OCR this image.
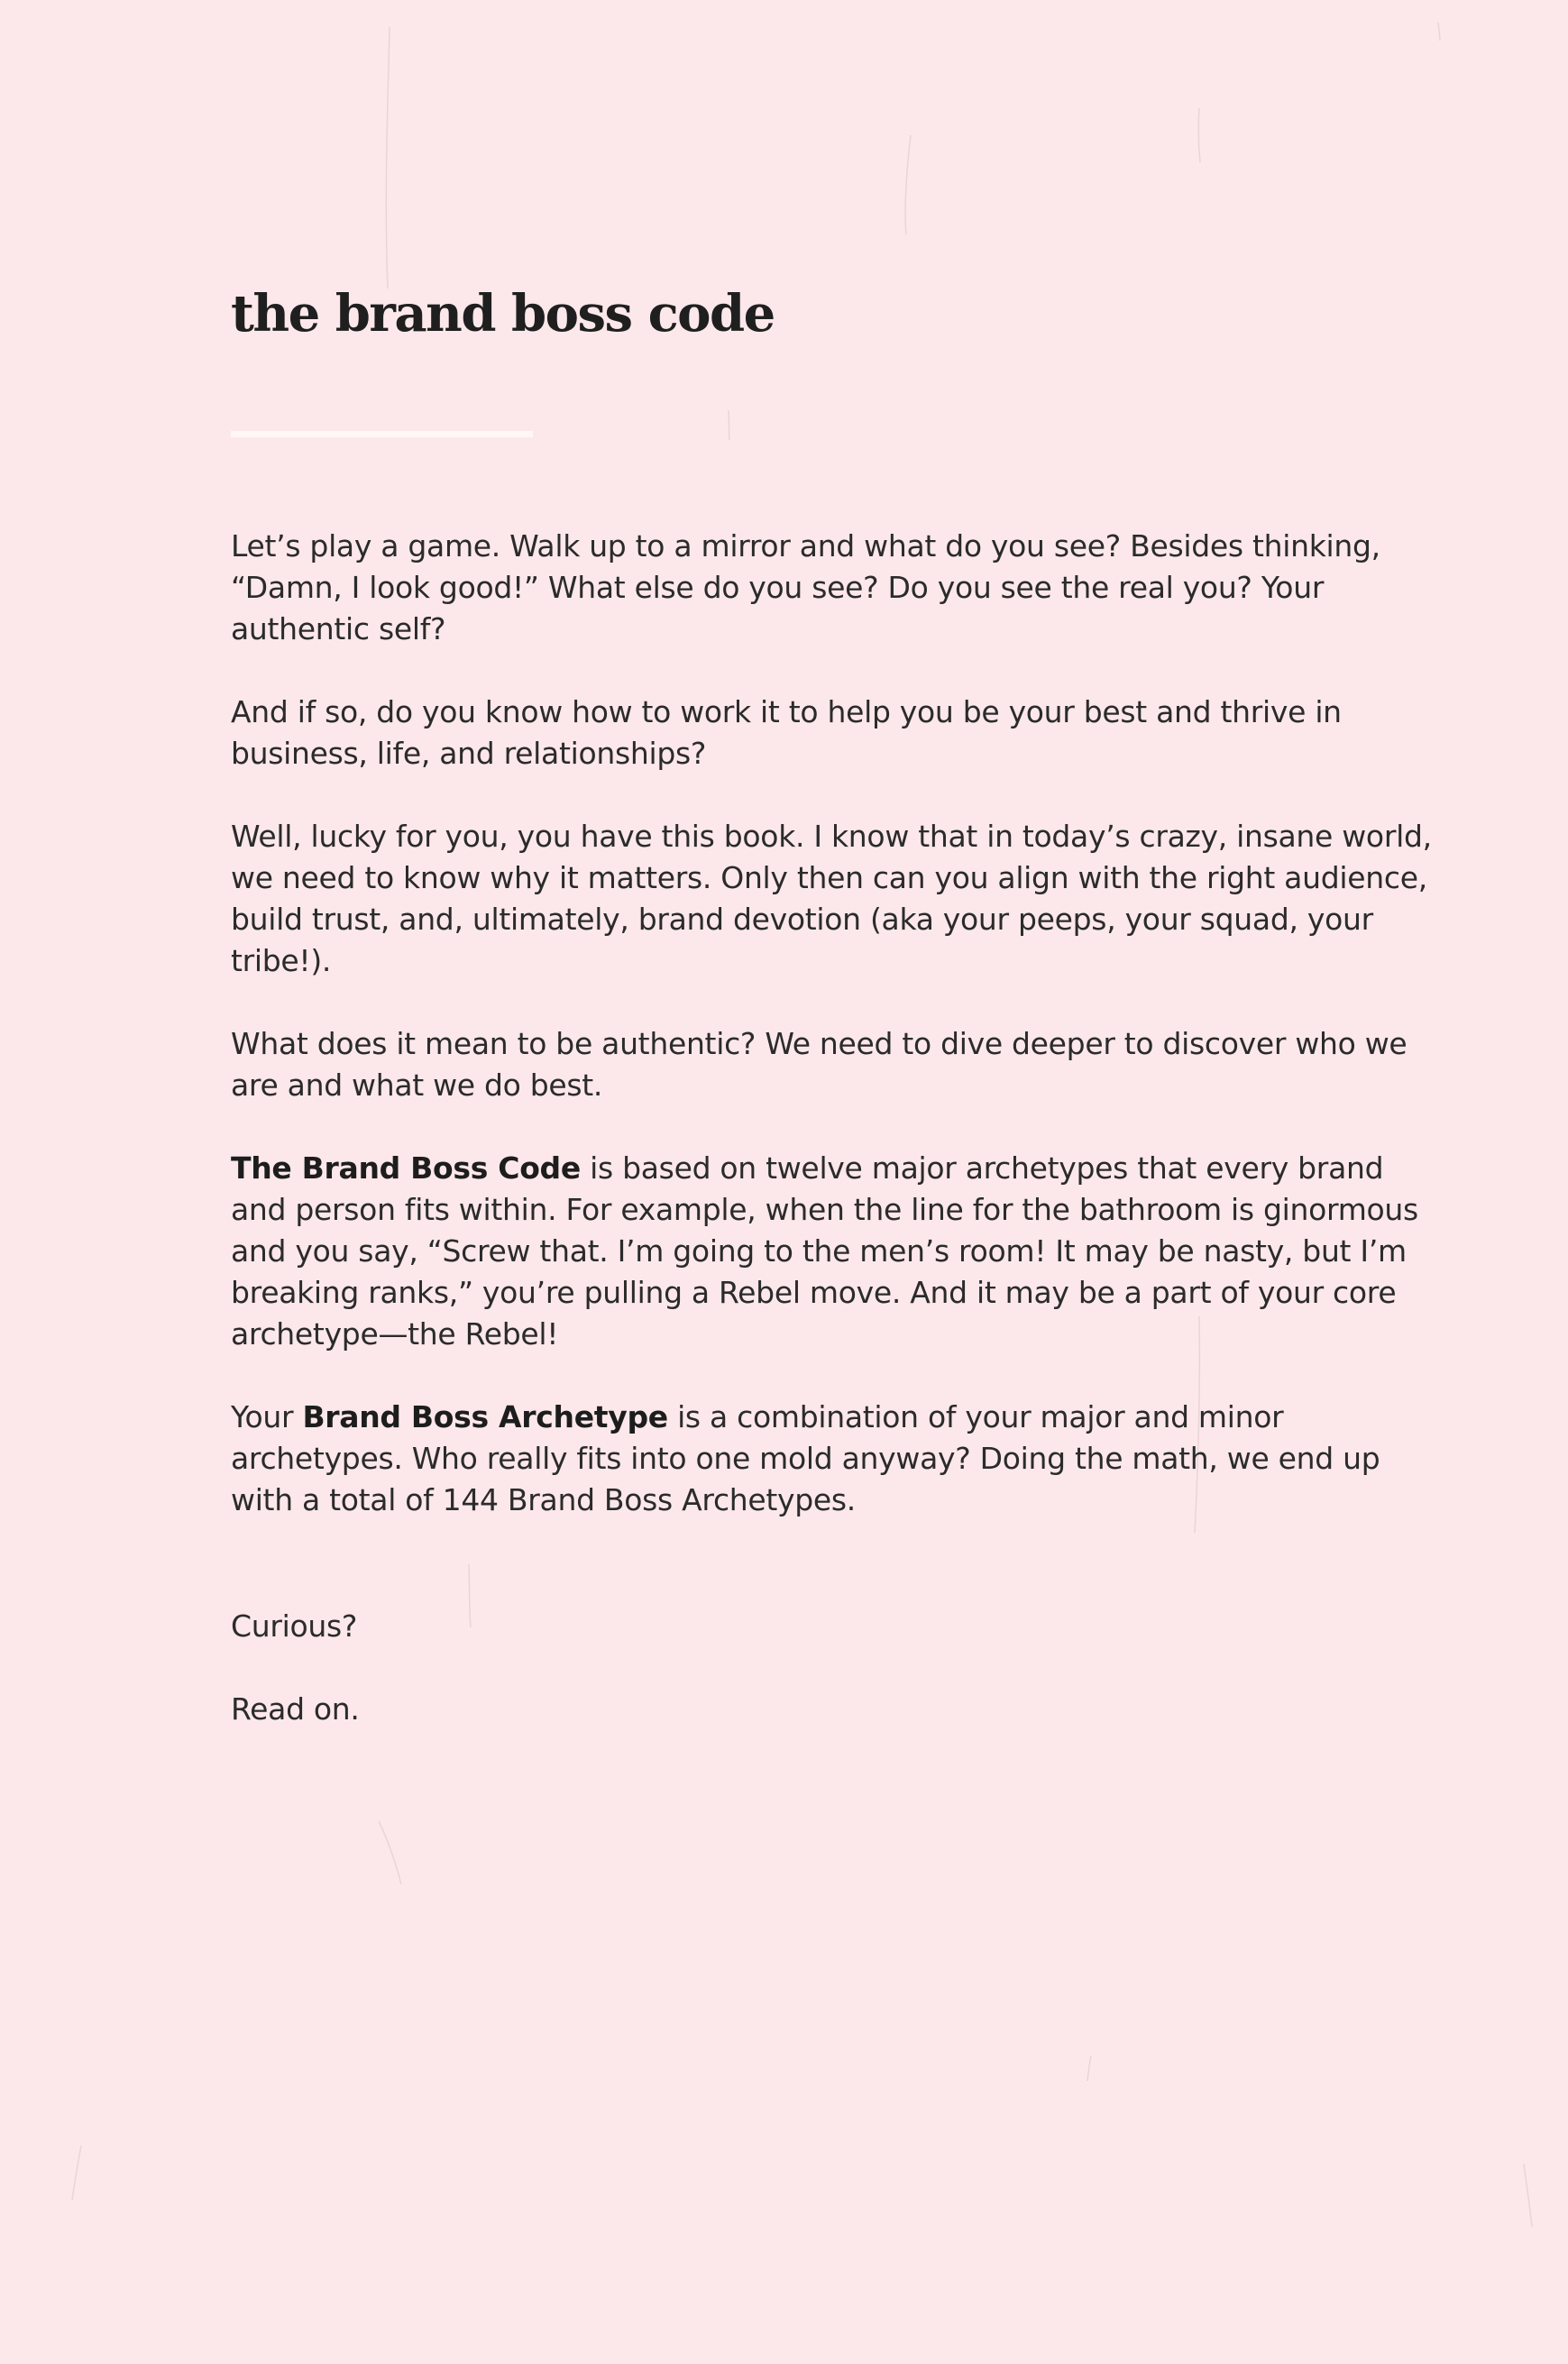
the brand boss code

Let’s play a game. Walk up to a mirror and what do you see? Besides thinking, “Damn, I look good!” What else do you see? Do you see the real you? Your authentic self?

And if so, do you know how to work it to help you be your best and thrive in business, life, and relationships?

Well, lucky for you, you have this book. I know that in today’s crazy, insane world, we need to know why it matters. Only then can you align with the right audience, build trust, and, ultimately, brand devotion (aka your peeps, your squad, your tribe!).

What does it mean to be authentic? We need to dive deeper to discover who we are and what we do best.

The Brand Boss Code is based on twelve major archetypes that every brand and person fits within. For example, when the line for the bathroom is ginormous and you say, “Screw that. I’m going to the men’s room! It may be nasty, but I’m breaking ranks,” you’re pulling a Rebel move. And it may be a part of your core archetype—the Rebel!

Your Brand Boss Archetype is a combination of your major and minor archetypes. Who really fits into one mold anyway? Doing the math, we end up with a total of 144 Brand Boss Archetypes.

Curious?

Read on.
